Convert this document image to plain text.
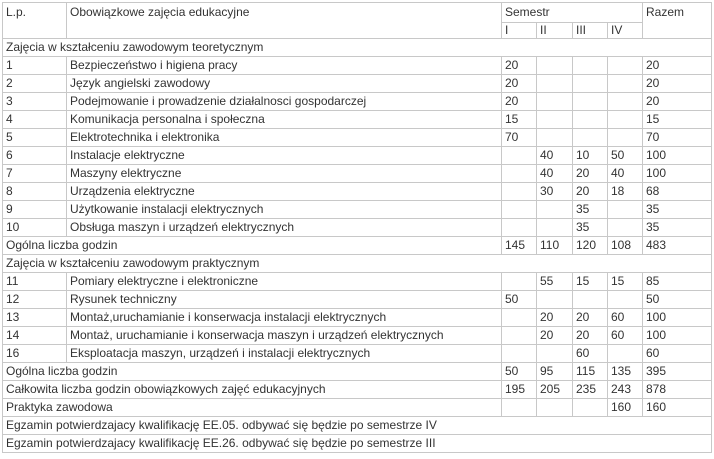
L.p.	Obowiązkowe zajęcia edukacyjne	Semestr				Razem
		I	II	III	IV	
Zajęcia w kształceniu zawodowym teoretycznym						
1	Bezpieczeństwo i higiena pracy	20				20
2	Język angielski zawodowy	20				20
3	Podejmowanie i prowadzenie działalnosci gospodarczej	20				20
4	Komunikacja personalna i społeczna	15				15
5	Elektrotechnika i elektronika	70				70
6	Instalacje elektryczne		40	10	50	100
7	Maszyny elektryczne		40	20	40	100
8	Urządzenia elektryczne		30	20	18	68
9	Użytkowanie instalacji elektrycznych			35		35
10	Obsługa maszyn i urządzeń elektrycznych			35		35
Ogólna liczba godzin		145	110	120	108	483
Zajęcia w kształceniu zawodowym praktycznym						
11	Pomiary elektryczne i elektroniczne		55	15	15	85
12	Rysunek techniczny	50				50
13	Montaż,uruchamianie i konserwacja instalacji elektrycznych		20	20	60	100
14	Montaż, uruchamianie i konserwacja maszyn i urządzeń elektrycznych		20	20	60	100
16	Eksploatacja maszyn, urządzeń i instalacji elektrycznych			60		60
Ogólna liczba godzin		50	95	115	135	395
Całkowita liczba godzin obowiązkowych zajęć edukacyjnych		195	205	235	243	878
Praktyka zawodowa					160	160
Egzamin potwierdzajacy kwalifikację EE.05. odbywać się będzie po semestrze IV						
Egzamin potwierdzajacy kwalifikację EE.26. odbywać się będzie po semestrze III						
